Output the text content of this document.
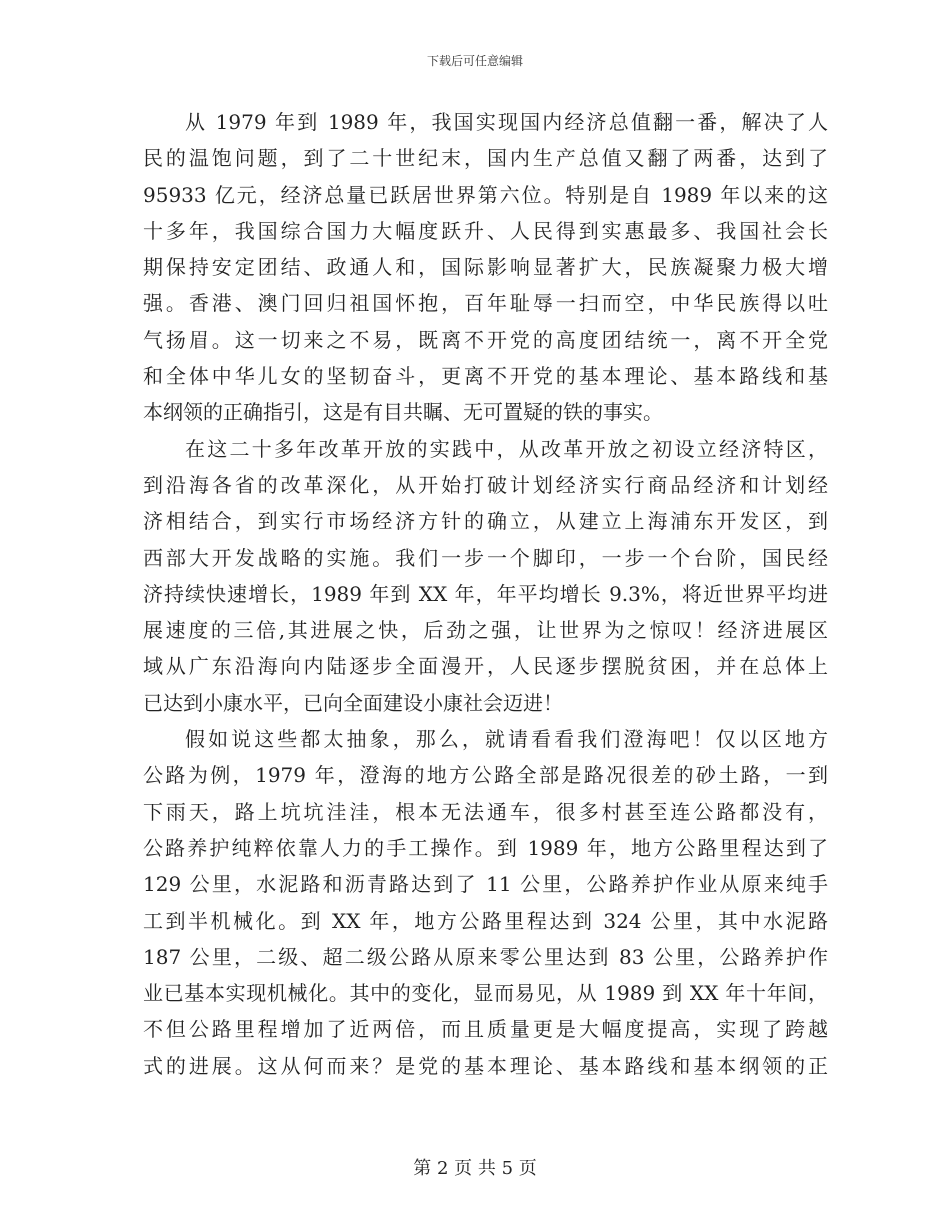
下载后可任意编辑
从 1979 年到 1989 年，我国实现国内经济总值翻一番，解决了人
民的温饱问题，到了二十世纪末，国内生产总值又翻了两番，达到了
95933 亿元，经济总量已跃居世界第六位。特别是自 1989 年以来的这
十多年，我国综合国力大幅度跃升、人民得到实惠最多、我国社会长
期保持安定团结、政通人和，国际影响显著扩大，民族凝聚力极大增
强。香港、澳门回归祖国怀抱，百年耻辱一扫而空，中华民族得以吐
气扬眉。这一切来之不易，既离不开党的高度团结统一，离不开全党
和全体中华儿女的坚韧奋斗，更离不开党的基本理论、基本路线和基
本纲领的正确指引，这是有目共瞩、无可置疑的铁的事实。
在这二十多年改革开放的实践中，从改革开放之初设立经济特区，
到沿海各省的改革深化，从开始打破计划经济实行商品经济和计划经
济相结合，到实行市场经济方针的确立，从建立上海浦东开发区，到
西部大开发战略的实施。我们一步一个脚印，一步一个台阶，国民经
济持续快速增长，1989 年到 XX 年，年平均增长 9.3%，将近世界平均进
展速度的三倍,其进展之快，后劲之强，让世界为之惊叹！经济进展区
域从广东沿海向内陆逐步全面漫开，人民逐步摆脱贫困，并在总体上
已达到小康水平，已向全面建设小康社会迈进！
假如说这些都太抽象，那么，就请看看我们澄海吧！仅以区地方
公路为例，1979 年，澄海的地方公路全部是路况很差的砂土路，一到
下雨天，路上坑坑洼洼，根本无法通车，很多村甚至连公路都没有，
公路养护纯粹依靠人力的手工操作。到 1989 年，地方公路里程达到了
129 公里，水泥路和沥青路达到了 11 公里，公路养护作业从原来纯手
工到半机械化。到 XX 年，地方公路里程达到 324 公里，其中水泥路
187 公里，二级、超二级公路从原来零公里达到 83 公里，公路养护作
业已基本实现机械化。其中的变化，显而易见，从 1989 到 XX 年十年间，
不但公路里程增加了近两倍，而且质量更是大幅度提高，实现了跨越
式的进展。这从何而来？是党的基本理论、基本路线和基本纲领的正
第 2 页 共 5 页
